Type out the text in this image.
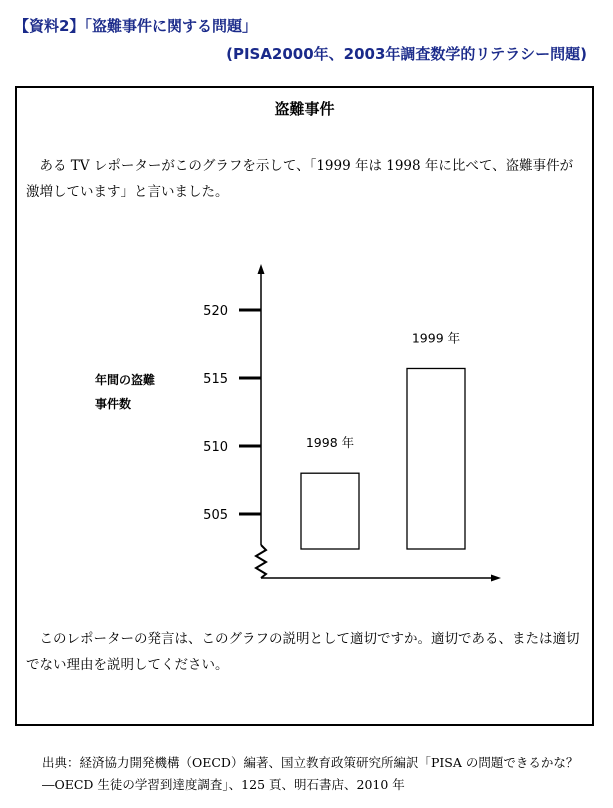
【資料2】「盗難事件に関する問題」
(PISA2000年、2003年調査数学的リテラシー問題)
盗難事件
　ある TV レポーターがこのグラフを示して、「1999 年は 1998 年に比べて、盗難事件が激増しています」と言いました。
　このレポーターの発言は、このグラフの説明として適切ですか。適切である、または適切でない理由を説明してください。
年間の盗難
事件数
505
510
515
520
1998 年
1999 年
出典：経済協力開発機構（OECD）編著、国立教育政策研究所編訳「PISA の問題できるかな？―OECD 生徒の学習到達度調査」、125 頁、明石書店、2010 年
